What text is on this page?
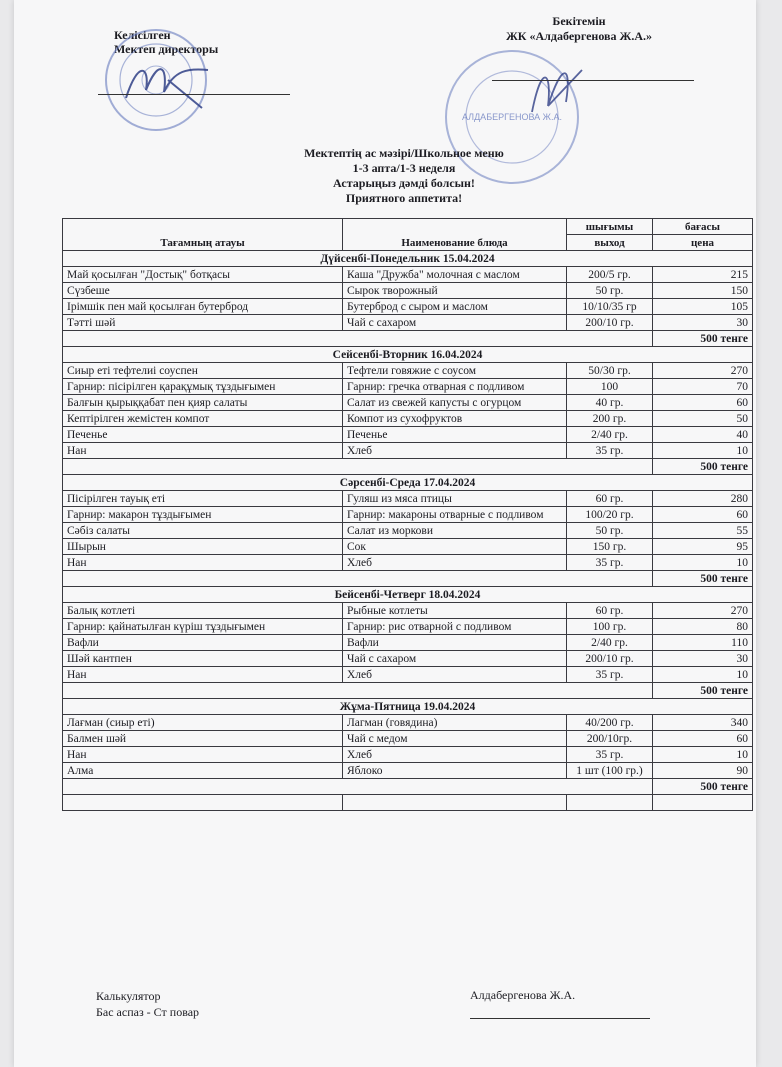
Келісілген
Мектеп директоры
Бекітемін
ЖК «Алдабергенова Ж.А.»
АЛДАБЕРГЕНОВА Ж.А.
Мектептің ас мәзірі/Школьное меню
1-3 апта/1-3 неделя
Астарыңыз дәмді болсын!
Приятного аппетита!
Тағамның атауы	Наименование блюда	шығымы	бағасы
		выход	цена
Дүйсенбі-Понедельник 15.04.2024			
Май қосылған "Достық" ботқасы	Каша "Дружба" молочная с маслом	200/5 гр.	215
Сүзбеше	Сырок творожный	50 гр.	150
Ірімшік пен май қосылған бутерброд	Бутерброд с сыром и маслом	10/10/35 гр	105
Тәтті шәй	Чай с сахаром	200/10 гр.	30
			500 тенге
Сейсенбі-Вторник 16.04.2024			
Сиыр еті тефтелиі соуспен	Тефтели говяжие с соусом	50/30 гр.	270
Гарнир: пісірілген қарақұмық тұздығымен	Гарнир: гречка отварная с подливом	100	70
Балғын қырыққабат пен қияр салаты	Салат из свежей капусты с огурцом	40 гр.	60
Кептірілген жемістен компот	Компот из сухофруктов	200 гр.	50
Печенье	Печенье	2/40 гр.	40
Нан	Хлеб	35 гр.	10
			500 тенге
Сәрсенбі-Среда 17.04.2024			
Пісірілген тауық еті	Гуляш из мяса птицы	60 гр.	280
Гарнир: макарон тұздығымен	Гарнир: макароны отварные с подливом	100/20 гр.	60
Сәбіз салаты	Салат из моркови	50 гр.	55
Шырын	Сок	150 гр.	95
Нан	Хлеб	35 гр.	10
			500 тенге
Бейсенбі-Четверг 18.04.2024			
Балық котлеті	Рыбные котлеты	60 гр.	270
Гарнир: қайнатылған күріш тұздығымен	Гарнир: рис отварной с подливом	100 гр.	80
Вафли	Вафли	2/40 гр.	110
Шәй кантпен	Чай с сахаром	200/10 гр.	30
Нан	Хлеб	35 гр.	10
			500 тенге
Жұма-Пятница 19.04.2024			
Лағман (сиыр еті)	Лагман (говядина)	40/200 гр.	340
Балмен шәй	Чай с медом	200/10гр.	60
Нан	Хлеб	35 гр.	10
Алма	Яблоко	1 шт (100 гр.)	90
			500 тенге

Калькулятор
Бас аспаз - Ст повар
Алдабергенова Ж.А.
